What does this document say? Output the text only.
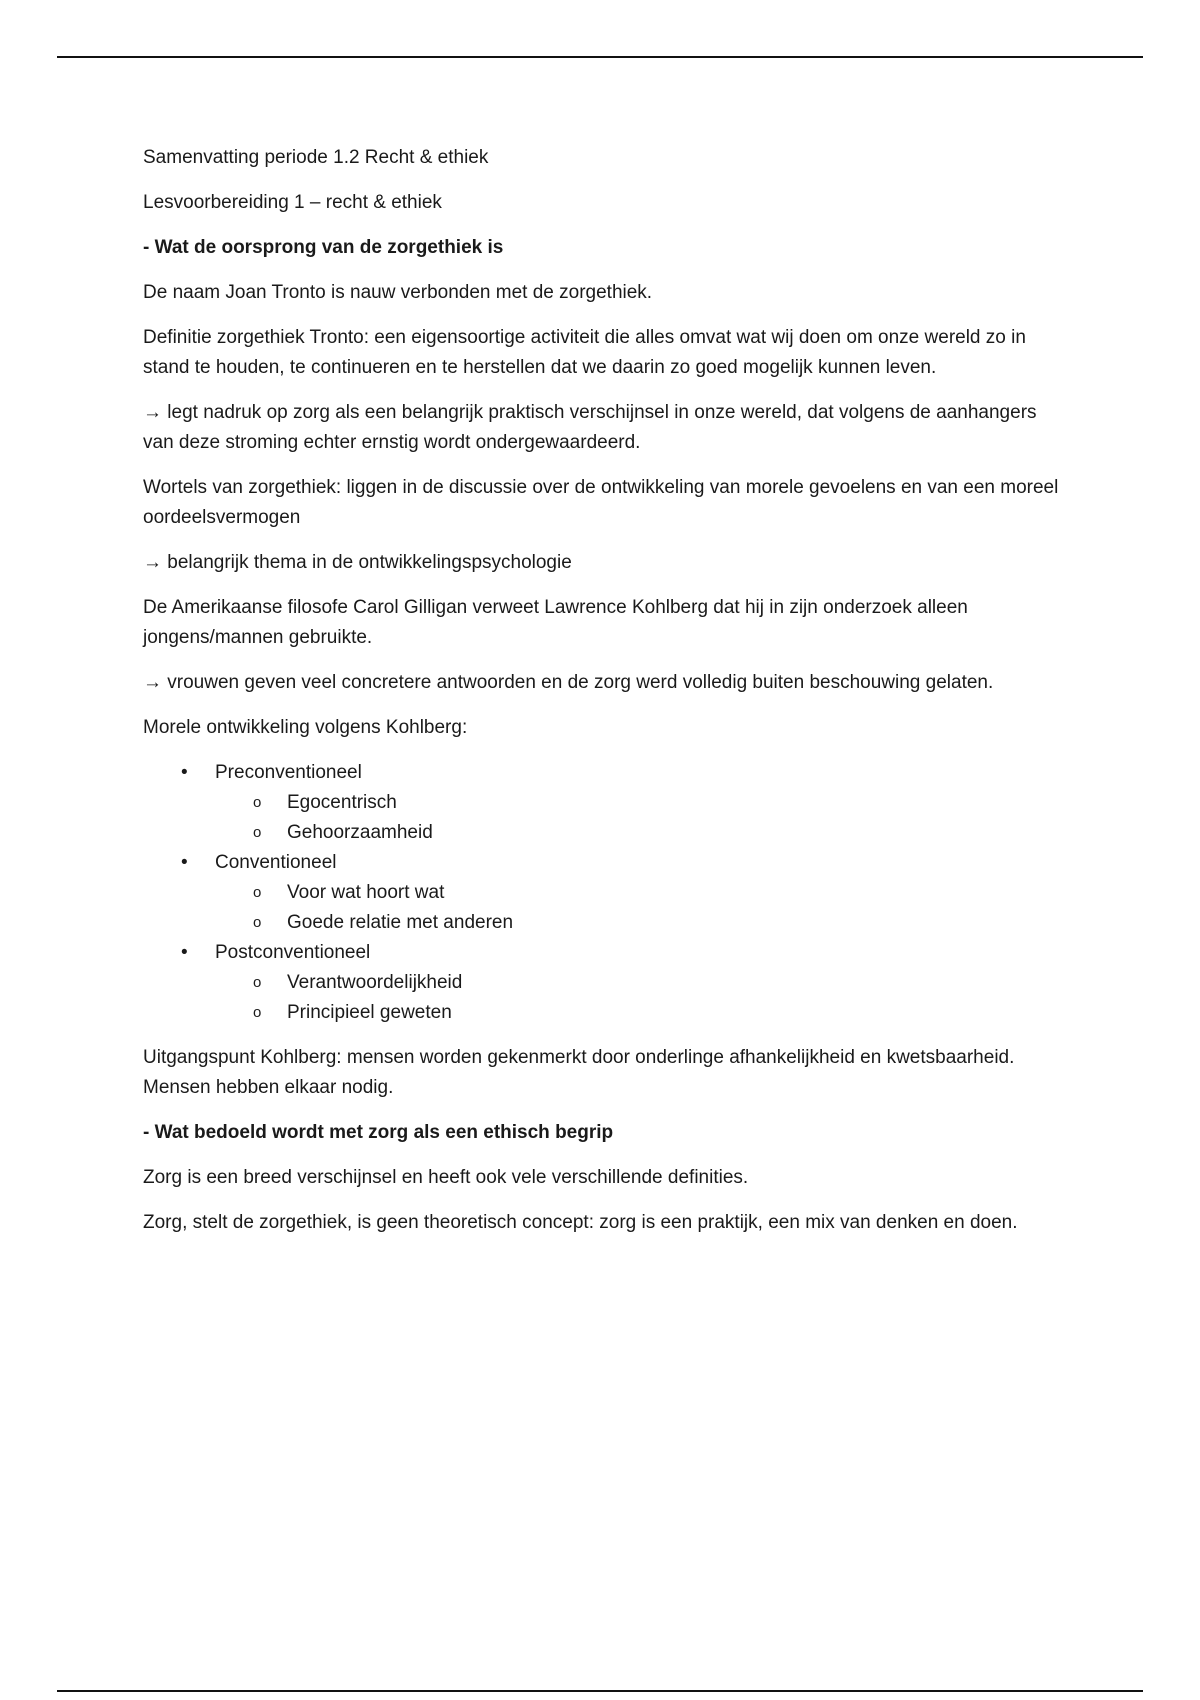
Samenvatting periode 1.2 Recht & ethiek

Lesvoorbereiding 1 – recht & ethiek

- Wat de oorsprong van de zorgethiek is

De naam Joan Tronto is nauw verbonden met de zorgethiek.

Definitie zorgethiek Tronto: een eigensoortige activiteit die alles omvat wat wij doen om onze wereld zo in stand te houden, te continueren en te herstellen dat we daarin zo goed mogelijk kunnen leven.

→ legt nadruk op zorg als een belangrijk praktisch verschijnsel in onze wereld, dat volgens de aanhangers van deze stroming echter ernstig wordt ondergewaardeerd.

Wortels van zorgethiek: liggen in de discussie over de ontwikkeling van morele gevoelens en van een moreel oordeelsvermogen

→ belangrijk thema in de ontwikkelingspsychologie

De Amerikaanse filosofe Carol Gilligan verweet Lawrence Kohlberg dat hij in zijn onderzoek alleen jongens/mannen gebruikte.

→ vrouwen geven veel concretere antwoorden en de zorg werd volledig buiten beschouwing gelaten.

Morele ontwikkeling volgens Kohlberg:

• Preconventioneel
o Egocentrisch
o Gehoorzaamheid
• Conventioneel
o Voor wat hoort wat
o Goede relatie met anderen
• Postconventioneel
o Verantwoordelijkheid
o Principieel geweten

Uitgangspunt Kohlberg: mensen worden gekenmerkt door onderlinge afhankelijkheid en kwetsbaarheid. Mensen hebben elkaar nodig.

- Wat bedoeld wordt met zorg als een ethisch begrip

Zorg is een breed verschijnsel en heeft ook vele verschillende definities.

Zorg, stelt de zorgethiek, is geen theoretisch concept: zorg is een praktijk, een mix van denken en doen.
